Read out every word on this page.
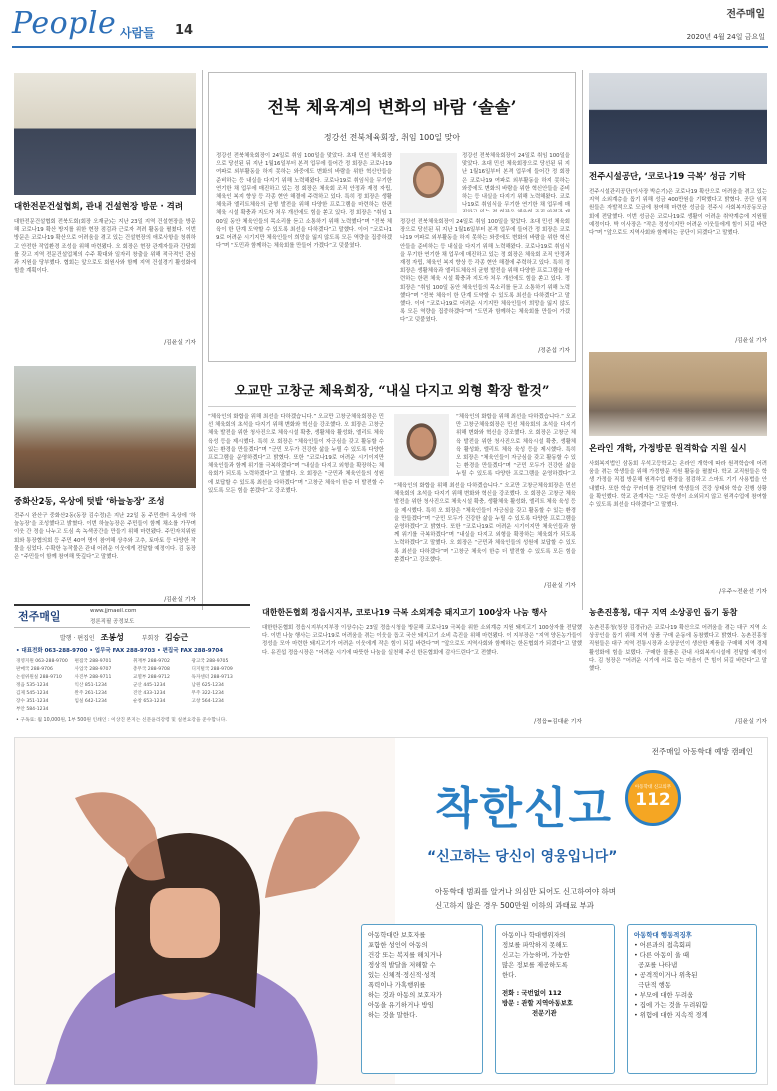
People 사람들 14
전주매일
2020년 4월 24일 금요일
대한전문건설협회, 관내 건설현장 방문 · 격려
대한전문건설협회 전북도회(회장 오재균)는 지난 23일 지역 건설현장을 방문해 코로나19 확산 방지를 위한 현장 점검과 근로자 격려 활동을 펼쳤다. 이번 방문은 코로나19 확산으로 어려움을 겪고 있는 건설현장의 애로사항을 청취하고 안전한 작업환경 조성을 위해 마련됐다. 오 회장은 현장 관계자들과 간담회를 갖고 지역 전문건설업체의 수주 확대와 일자리 창출을 위해 적극적인 관심과 지원을 당부했다. 협회는 앞으로도 회원사와 함께 지역 건설경기 활성화에 힘쓸 계획이다.
/김윤실 기자
중화산2동, 옥상에 텃밭 ‘하늘농장’ 조성
전주시 완산구 중화산2동(동장 김수정)은 지난 22일 동 주민센터 옥상에 ‘하늘농장’을 조성했다고 밝혔다. 이번 하늘농장은 주민들이 함께 채소를 가꾸며 이웃 간 정을 나누고 도심 속 녹색공간을 만들기 위해 마련됐다. 주민자치위원회와 통장협의회 등 주민 40여 명이 참여해 상추와 고추, 토마토 등 다양한 작물을 심었다. 수확한 농작물은 관내 어려운 이웃에게 전달할 예정이다. 김 동장은 “주민들이 함께 참여해 뜻깊다”고 말했다.
/김윤실 기자
전북 체육계의 변화의 바람 ‘솔솔’
정강선 전북체육회장, 취임 100일 맞아
정강선 전북체육회장이 24일로 취임 100일을 맞았다. 초대 민선 체육회장으로 당선된 뒤 지난 1월16일부터 본격 업무에 들어간 정 회장은 코로나19 여파로 외부활동을 하지 못하는 와중에도 변화의 바람을 위한 혁신안들을 준비하는 등 내실을 다지기 위해 노력해왔다. 코로나19로 취임식을 무기한 연기한 채 업무에 매진하고 있는 정 회장은 체육회 조직 안정과 재정 자립, 체육인 복지 향상 등 각종 현안 해결에 주력하고 있다. 특히 정 회장은 생활체육과 엘리트체육의 균형 발전을 위해 다양한 프로그램을 마련하는 한편 체육 시설 확충과 지도자 처우 개선에도 힘을 쏟고 있다. 정 회장은 “취임 100일 동안 체육인들의 목소리를 듣고 소통하기 위해 노력했다”며 “전북 체육이 한 단계 도약할 수 있도록 최선을 다하겠다”고 말했다. 이어 “코로나19로 어려운 시기지만 체육인들이 희망을 잃지 않도록 모든 역량을 집중하겠다”며 “도민과 함께하는 체육회를 만들어 가겠다”고 덧붙였다.
정강선 전북체육회장이 24일로 취임 100일을 맞았다. 초대 민선 체육회장으로 당선된 뒤 지난 1월16일부터 본격 업무에 들어간 정 회장은 코로나19 여파로 외부활동을 하지 못하는 와중에도 변화의 바람을 위한 혁신안들을 준비하는 등 내실을 다지기 위해 노력해왔다. 코로나19로 취임식을 무기한 연기한 채 업무에 매
정강선 전북체육회장이 24일로 취임 100일을 맞았다. 초대 민선 체육회장으로 당선된 뒤 지난 1월16일부터 본격 업무에 들어간 정 회장은 코로나19 여파로 외부활동을 하지 못하는 와중에도 변화의 바람을 위한 혁신안들을 준비하는 등 내실을 다지기 위해 노력해왔다. 코로나19로 취임식을 무기한 연기한 채 업무에 매진하고 있는 정 회장은 체육회 조직 안정과 재정 자립, 체육인 복지 향상 등 각종 현안 해결에 주력하고 있다. 특히 정 회장은 생활체육과 엘리트체육의 균형 발전을 위해 다양한 프로그램을 마련하는 한편 체육 시설 확충과 지도자 처우 개선에도 힘을 쏟고 있다. 정 회장은 “취임 100일 동안 체육인들의 목소리를 듣고 소통하기 위해 노력했다”며 “전북 체육이 한 단계 도약할 수 있도록 최선을 다하겠다”고 말했다. 이어 “코로나19로 어려운 시기지만 체육인들이 희망을 잃지 않도록 모든 역량을 집중하겠다”며 “도민과 함께하는 체육회를 만들어 가겠다”고 덧붙였다.
/정준섭 기자
오교만 고창군 체육회장, “내실 다지고 외형 확장 할것”
“체육인의 화합을 위해 최선을 다하겠습니다.” 오교만 고창군체육회장은 민선 체육회의 초석을 다지기 위해 변화와 혁신을 강조했다. 오 회장은 고창군 체육 발전을 위한 청사진으로 체육시설 확충, 생활체육 활성화, 엘리트 체육 육성 등을 제시했다. 특히 오 회장은 “체육인들이 자긍심을 갖고 활동할 수 있는 환경을 만들겠다”며 “군민 모두가 건강한 삶을 누릴 수 있도록 다양한 프로그램을 운영하겠다”고 밝혔다. 또한 “코로나19로 어려운 시기이지만 체육인들과 함께 위기를 극복하겠다”며 “내실을 다지고 외형을 확장하는 체육회가 되도록 노력하겠다”고 말했다. 오 회장은 “군민과 체육인들의 성원에 보답할 수 있도록 최선을 다하겠다”며 “고창군 체육이 한층 더 발전할 수 있도록 모든 힘을 쏟겠다”고 강조했다.
“체육인의 화합을 위해 최선을 다하겠습니다.” 오교만 고창군체육회장은 민선 체육회의 초석을 다지기 위해 변화와 혁신을 강조했다. 오 회장은 고창군 체육 발전을 위한 청사진으로 체육시설 확충, 생활체육 활성화, 엘리트 체육 육성 등을 제시했다. 특히 오 회장은 “체육인들이 자긍심을 갖고 활동할 수 있는 환경을 만들겠다”며 “군민 모두가 건강한 삶을 누릴 수 있도록 다양한 프로그램을 운영하겠다”고
“체육인의 화합을 위해 최선을 다하겠습니다.” 오교만 고창군체육회장은 민선 체육회의 초석을 다지기 위해 변화와 혁신을 강조했다. 오 회장은 고창군 체육 발전을 위한 청사진으로 체육시설 확충, 생활체육 활성화, 엘리트 체육 육성 등을 제시했다. 특히 오 회장은 “체육인들이 자긍심을 갖고 활동할 수 있는 환경을 만들겠다”며 “군민 모두가 건강한 삶을 누릴 수 있도록 다양한 프로그램을 운영하겠다”고 밝혔다. 또한 “코로나19로 어려운 시기이지만 체육인들과 함께 위기를 극복하겠다”며 “내실을 다지고 외형을 확장하는 체육회가 되도록 노력하겠다”고 말했다. 오 회장은 “군민과 체육인들의 성원에 보답할 수 있도록 최선을 다하겠다”며 “고창군 체육이 한층 더 발전할 수 있도록 모든 힘을 쏟겠다”고 강조했다.
/김윤실 기자
전주시설공단, ‘코로나19 극복’ 성금 기탁
전주시설관리공단(이사장 박순기)은 코로나19 확산으로 어려움을 겪고 있는 지역 소외계층을 돕기 위해 성금 400만원을 기탁했다고 밝혔다. 공단 임직원들은 자발적으로 모금에 참여해 마련한 성금을 전주시 사회복지공동모금회에 전달했다. 이번 성금은 코로나19로 생활이 어려운 취약계층에 지원될 예정이다. 박 이사장은 “작은 정성이지만 어려운 이웃들에게 힘이 되길 바란다”며 “앞으로도 지역사회와 함께하는 공단이 되겠다”고 말했다.
/김윤실 기자
온라인 개학, 가정방문 원격학습 지원 실시
사회복지법인 삼동회 우석고등학교는 온라인 개학에 따라 원격학습에 어려움을 겪는 학생들을 위해 가정방문 지원 활동을 펼쳤다. 학교 교직원들은 학생 가정을 직접 방문해 원격수업 환경을 점검하고 스마트 기기 사용법을 안내했다. 또한 학습 꾸러미를 전달하며 학생들의 건강 상태와 학습 진행 상황을 확인했다. 학교 관계자는 “모든 학생이 소외되지 않고 원격수업에 참여할 수 있도록 최선을 다하겠다”고 말했다.
/우주~전윤선 기자
전주매일	www.jjmaeil.com
정론직필 공정보도
발행 · 편집인 조봉성	부회장 김승근
• 대표전화 063-288-9700 • 업무국 FAX 288-9703 • 편집국 FAX 288-9704
경영지원 063-288-9700	편집국 288-9701	취재부 288-9702	광고국 288-9705
판매국 288-9706	사업국 288-9707	총무국 288-9708	디지털국 288-9709
논설위원실 288-9710	사진부 288-9711	교열부 288-9712	독자센터 288-9713
정읍 535-1234	익산 851-1234	군산 445-1234	남원 625-1234
김제 545-1234	완주 261-1234	진안 433-1234	무주 322-1234
장수 351-1234	임실 642-1234	순창 653-1234	고창 564-1234
부안 584-1234
• 구독료: 월 10,000원, 1부 500원 인쇄인 : 이상진 본지는 신문윤리강령 및 실천요강을 준수합니다.
대한한돈협회 정읍시지부, 코로나19 극복 소외계층 돼지고기 100상자 나눔 행사
대한한돈협회 정읍시지부(지부장 이상수)는 23일 정읍시청을 방문해 코로나19 극복을 위한 소외계층 지원 돼지고기 100상자를 전달했다. 이번 나눔 행사는 코로나19로 어려움을 겪는 이웃을 돕고 국산 돼지고기 소비 촉진을 위해 마련됐다. 이 지부장은 “지역 양돈농가들이 정성을 모아 마련한 돼지고기가 어려운 이웃에게 작은 힘이 되길 바란다”며 “앞으로도 지역사회와 함께하는 한돈협회가 되겠다”고 말했다. 유진섭 정읍시장은 “어려운 시기에 따뜻한 나눔을 실천해 주신 한돈협회에 감사드린다”고 전했다.
/정읍=김대윤 기자
농촌진흥청, 대구 지역 소상공인 돕기 동참
농촌진흥청(청장 김경규)은 코로나19 확산으로 어려움을 겪는 대구 지역 소상공인을 돕기 위해 지역 상품 구매 운동에 동참했다고 밝혔다. 농촌진흥청 직원들은 대구 지역 전통시장과 소상공인이 생산한 제품을 구매해 지역 경제 활성화에 힘을 보탰다. 구매한 물품은 관내 사회복지시설에 전달할 예정이다. 김 청장은 “어려운 시기에 서로 돕는 마음이 큰 힘이 되길 바란다”고 말했다.
/김윤실 기자
전주매일 아동학대 예방 캠페인
착한신고	아동학대 신고의무
112
“신고하는 당신이 영웅입니다”
아동학대 범죄를 알거나 의심만 되어도 신고하여야 하며
신고하지 않은 경우 500만원 이하의 과태료 부과
아동학대란 보호자를
포함한 성인이 아동의
건강 또는 복지를 해치거나
정상적 발달을 저해할 수
있는 신체적·정신적·성적
폭력이나 가혹행위를
하는 것과 아동의 보호자가
아동을 유기하거나 방임
하는 것을 말한다.
아동이나 학대행위자의
정보를 파악하지 못해도
신고는 가능하며, 가능한
많은 정보를 제공하도록
한다.
전화 : 국번없이 112
방문 : 관할 지역아동보호
전문기관
아동학대 행동적징후
• 어른과의 접촉회피
• 다른 아동이 울 때
공포를 나타냄
• 공격적이거나 위축된
극단적 행동
• 부모에 대한 두려움
• 집에 가는 것을 두려워함
• 위험에 대한 지속적 경계
